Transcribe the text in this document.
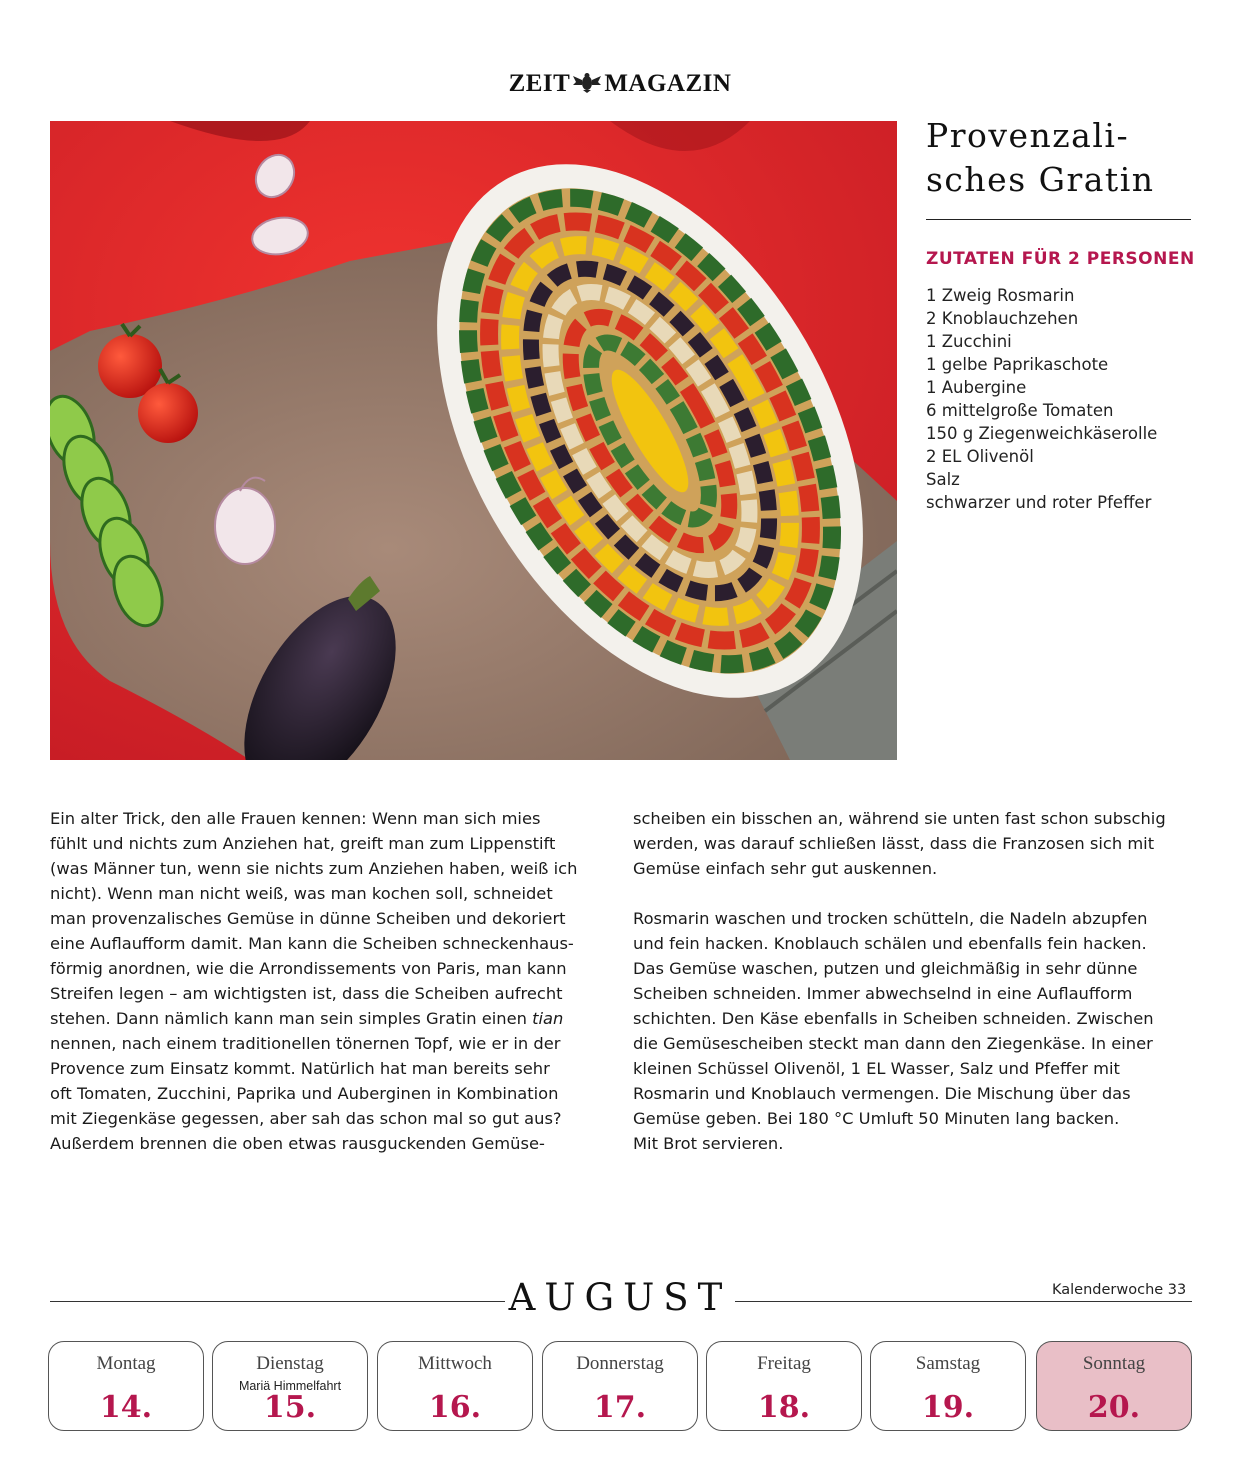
ZEIT MAGAZIN
Provenzali-
sches Gratin
ZUTATEN FÜR 2 PERSONEN
1 Zweig Rosmarin
2 Knoblauchzehen
1 Zucchini
1 gelbe Paprikaschote
1 Aubergine
6 mittelgroße Tomaten
150 g Ziegenweichkäserolle
2 EL Olivenöl
Salz
schwarzer und roter Pfeffer
Ein alter Trick, den alle Frauen kennen: Wenn man sich mies
fühlt und nichts zum Anziehen hat, greift man zum Lippenstift
(was Männer tun, wenn sie nichts zum Anziehen haben, weiß ich
nicht). Wenn man nicht weiß, was man kochen soll, schneidet
man provenzalisches Gemüse in dünne Scheiben und dekoriert
eine Auflaufform damit. Man kann die Scheiben schneckenhaus-
förmig anordnen, wie die Arrondissements von Paris, man kann
Streifen legen – am wichtigsten ist, dass die Scheiben aufrecht
stehen. Dann nämlich kann man sein simples Gratin einen tian
nennen, nach einem traditionellen tönernen Topf, wie er in der
Provence zum Einsatz kommt. Natürlich hat man bereits sehr
oft Tomaten, Zucchini, Paprika und Auberginen in Kombination
mit Ziegenkäse gegessen, aber sah das schon mal so gut aus?
Außerdem brennen die oben etwas rausguckenden Gemüse-

scheiben ein bisschen an, während sie unten fast schon subschig
werden, was darauf schließen lässt, dass die Franzosen sich mit
Gemüse einfach sehr gut auskennen.

Rosmarin waschen und trocken schütteln, die Nadeln abzupfen
und fein hacken. Knoblauch schälen und ebenfalls fein hacken.
Das Gemüse waschen, putzen und gleichmäßig in sehr dünne
Scheiben schneiden. Immer abwechselnd in eine Auflaufform
schichten. Den Käse ebenfalls in Scheiben schneiden. Zwischen
die Gemüsescheiben steckt man dann den Ziegenkäse. In einer
kleinen Schüssel Olivenöl, 1 EL Wasser, Salz und Pfeffer mit
Rosmarin und Knoblauch vermengen. Die Mischung über das
Gemüse geben. Bei 180 °C Umluft 50 Minuten lang backen.
Mit Brot servieren.

Kalenderwoche 33
AUGUST
Montag
14.
Dienstag
Mariä Himmelfahrt
15.
Mittwoch
16.
Donnerstag
17.
Freitag
18.
Samstag
19.
Sonntag
20.
